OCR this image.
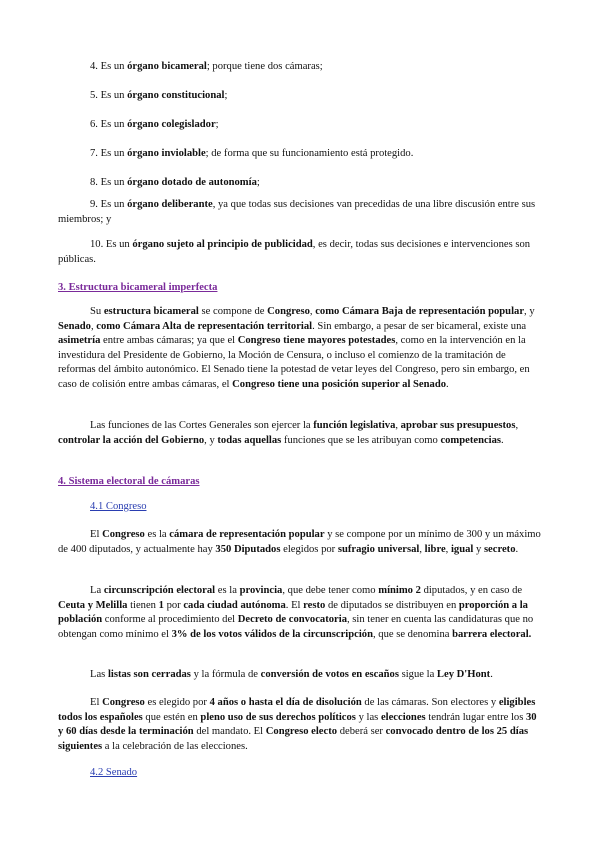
4. Es un órgano bicameral; porque tiene dos cámaras;

5. Es un órgano constitucional;

6. Es un órgano colegislador;

7. Es un órgano inviolable; de forma que su funcionamiento está protegido.

8. Es un órgano dotado de autonomía;

9. Es un órgano deliberante, ya que todas sus decisiones van precedidas de una libre discusión entre sus miembros; y

10. Es un órgano sujeto al principio de publicidad, es decir, todas sus decisiones e intervenciones son públicas.

3. Estructura bicameral imperfecta

Su estructura bicameral se compone de Congreso, como Cámara Baja de representación popular, y Senado, como Cámara Alta de representación territorial. Sin embargo, a pesar de ser bicameral, existe una asimetría entre ambas cámaras; ya que el Congreso tiene mayores potestades, como en la intervención en la investidura del Presidente de Gobierno, la Moción de Censura, o incluso el comienzo de la tramitación de reformas del ámbito autonómico. El Senado tiene la potestad de vetar leyes del Congreso, pero sin embargo, en caso de colisión entre ambas cámaras, el Congreso tiene una posición superior al Senado.

Las funciones de las Cortes Generales son ejercer la función legislativa, aprobar sus presupuestos, controlar la acción del Gobierno, y todas aquellas funciones que se les atribuyan como competencias.

4. Sistema electoral de cámaras

4.1 Congreso

El Congreso es la cámara de representación popular y se compone por un mínimo de 300 y un máximo de 400 diputados, y actualmente hay 350 Diputados elegidos por sufragio universal, libre, igual y secreto.

La circunscripción electoral es la provincia, que debe tener como mínimo 2 diputados, y en caso de Ceuta y Melilla tienen 1 por cada ciudad autónoma. El resto de diputados se distribuyen en proporción a la población conforme al procedimiento del Decreto de convocatoria, sin tener en cuenta las candidaturas que no obtengan como mínimo el 3% de los votos válidos de la circunscripción, que se denomina barrera electoral.

Las listas son cerradas y la fórmula de conversión de votos en escaños sigue la Ley D'Hont.

El Congreso es elegido por 4 años o hasta el día de disolución de las cámaras. Son electores y eligibles todos los españoles que estén en pleno uso de sus derechos políticos y las elecciones tendrán lugar entre los 30 y 60 días desde la terminación del mandato. El Congreso electo deberá ser convocado dentro de los 25 días siguientes a la celebración de las elecciones.

4.2 Senado
